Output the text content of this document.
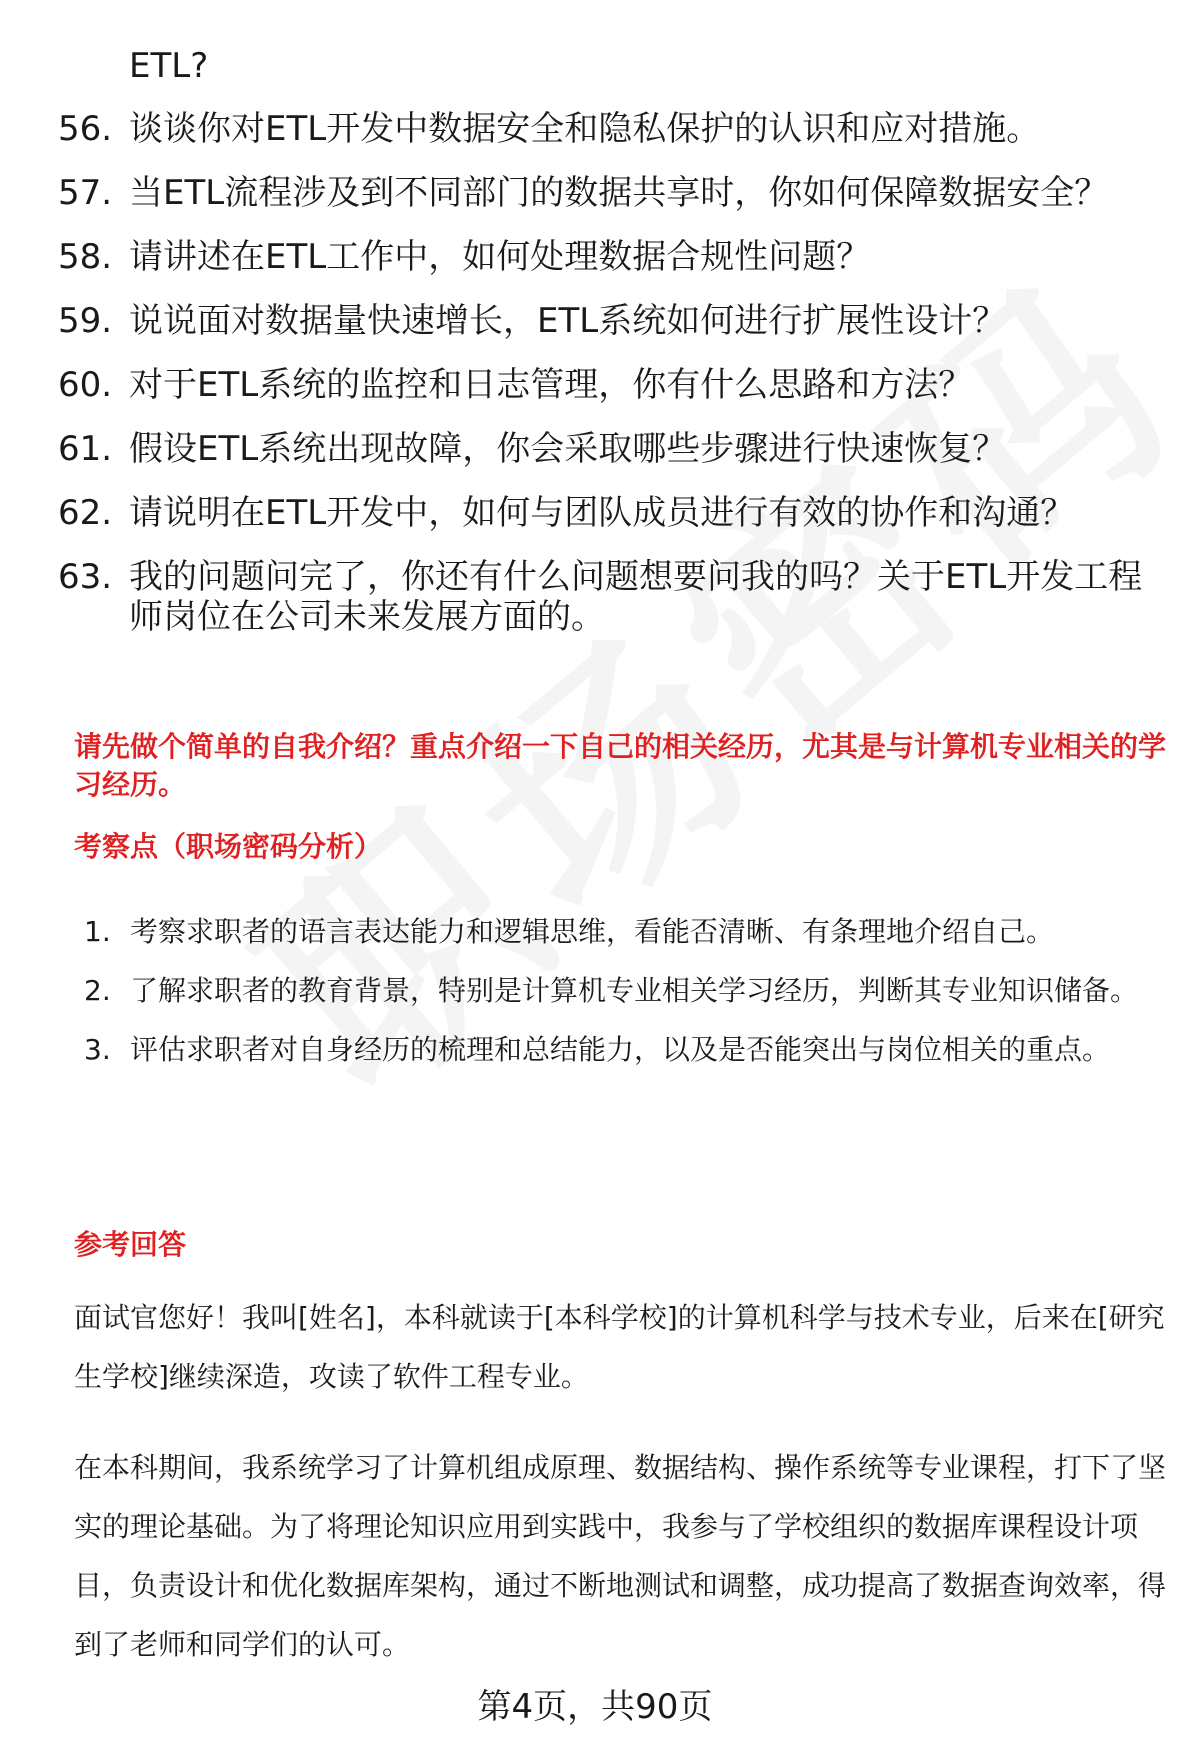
ETL?
56. 谈谈你对ETL开发中数据安全和隐私保护的认识和应对措施。
57. 当ETL流程涉及到不同部门的数据共享时，你如何保障数据安全？
58. 请讲述在ETL工作中，如何处理数据合规性问题？
59. 说说面对数据量快速增长，ETL系统如何进行扩展性设计？
60. 对于ETL系统的监控和日志管理，你有什么思路和方法？
61. 假设ETL系统出现故障，你会采取哪些步骤进行快速恢复？
62. 请说明在ETL开发中，如何与团队成员进行有效的协作和沟通？
63. 我的问题问完了，你还有什么问题想要问我的吗？关于ETL开发工程师岗位在公司未来发展方面的。
请先做个简单的自我介绍？重点介绍一下自己的相关经历，尤其是与计算机专业相关的学习经历。
考察点（职场密码分析）
1. 考察求职者的语言表达能力和逻辑思维，看能否清晰、有条理地介绍自己。
2. 了解求职者的教育背景，特别是计算机专业相关学习经历，判断其专业知识储备。
3. 评估求职者对自身经历的梳理和总结能力，以及是否能突出与岗位相关的重点。
参考回答

面试官您好！我叫[姓名]，本科就读于[本科学校]的计算机科学与技术专业，后来在[研究生学校]继续深造，攻读了软件工程专业。

在本科期间，我系统学习了计算机组成原理、数据结构、操作系统等专业课程，打下了坚实的理论基础。为了将理论知识应用到实践中，我参与了学校组织的数据库课程设计项目，负责设计和优化数据库架构，通过不断地测试和调整，成功提高了数据查询效率，得到了老师和同学们的认可。

第4页，共90页
